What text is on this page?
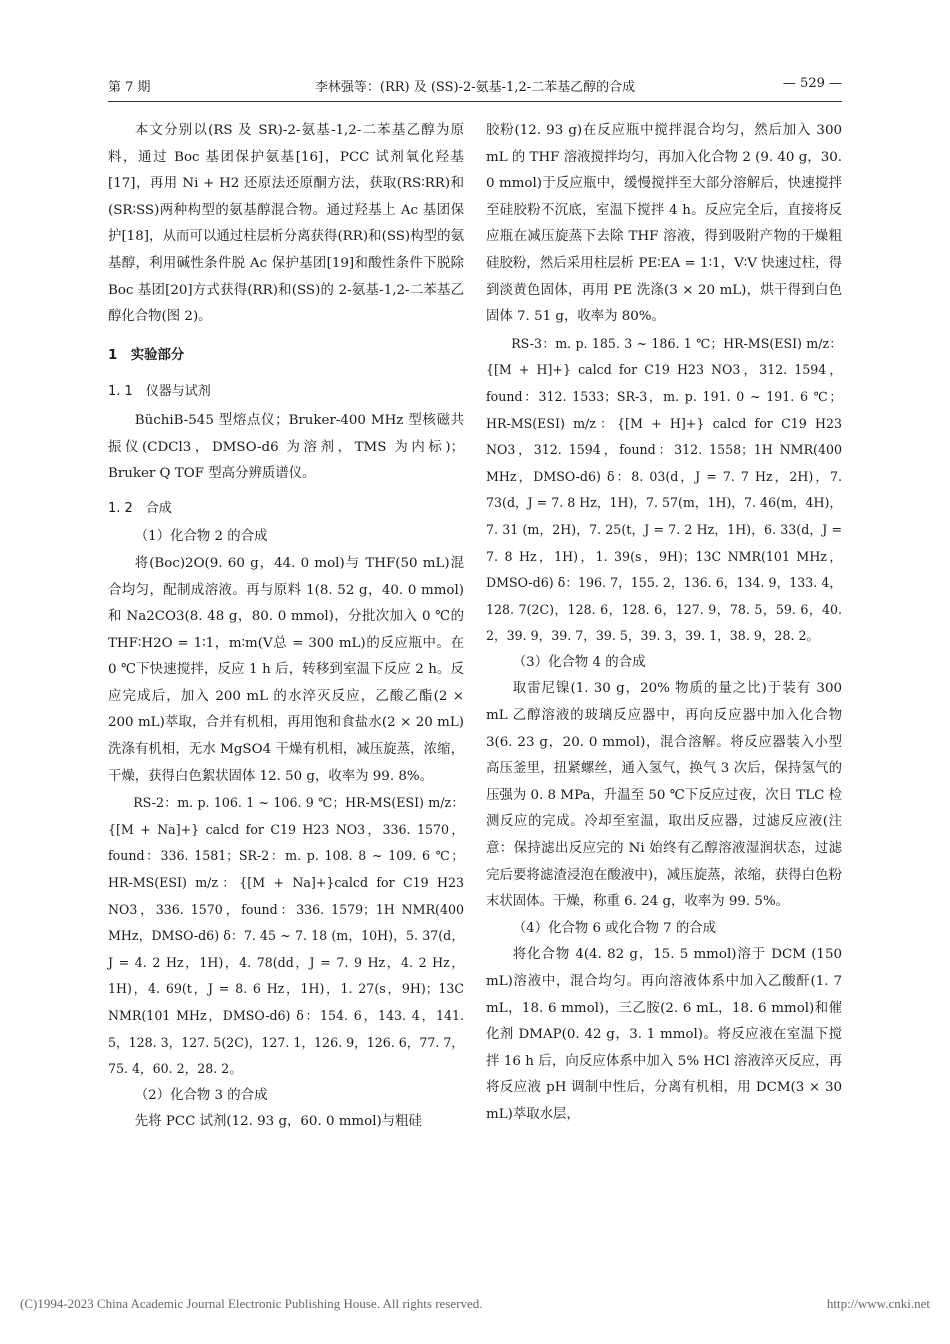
第 7 期	李林强等：(RR) 及 (SS)-2-氨基-1,2-二苯基乙醇的合成	— 529 —

本文分别以(RS 及 SR)-2-氨基-1,2-二苯基乙醇为原料，通过 Boc 基团保护氨基[16]，PCC 试剂氧化羟基[17]，再用 Ni + H2 还原法还原酮方法，获取(RS∶RR)和(SR∶SS)两种构型的氨基醇混合物。通过羟基上 Ac 基团保护[18]，从而可以通过柱层析分离获得(RR)和(SS)构型的氨基醇，利用碱性条件脱 Ac 保护基团[19]和酸性条件下脱除 Boc 基团[20]方式获得(RR)和(SS)的 2-氨基-1,2-二苯基乙醇化合物(图 2)。

1　实验部分

1. 1　仪器与试剂

BüchiB-545 型熔点仪；Bruker-400 MHz 型核磁共振仪(CDCl3，DMSO-d6 为溶剂，TMS 为内标)；Bruker Q TOF 型高分辨质谱仪。

1. 2　合成

（1）化合物 2 的合成

将(Boc)2O(9. 60 g，44. 0 mol)与 THF(50 mL)混合均匀，配制成溶液。再与原料 1(8. 52 g，40. 0 mmol)和 Na2CO3(8. 48 g，80. 0 mmol)，分批次加入 0 ℃的 THF∶H2O = 1∶1，m∶m(V总 = 300 mL)的反应瓶中。在 0 ℃下快速搅拌，反应 1 h 后，转移到室温下反应 2 h。反应完成后，加入 200 mL 的水淬灭反应，乙酸乙酯(2 × 200 mL)萃取，合并有机相，再用饱和食盐水(2 × 20 mL)洗涤有机相，无水 MgSO4 干燥有机相，减压旋蒸，浓缩，干燥，获得白色絮状固体 12. 50 g，收率为 99. 8%。

RS-2：m. p. 106. 1 ~ 106. 9 ℃；HR-MS(ESI) m/z：{[M + Na]+} calcd for C19 H23 NO3，336. 1570，found：336. 1581；SR-2：m. p. 108. 8 ~ 109. 6 ℃；HR-MS(ESI) m/z：{[M + Na]+}calcd for C19 H23 NO3，336. 1570，found：336. 1579；1H NMR(400 MHz，DMSO-d6) δ：7. 45 ~ 7. 18 (m，10H)，5. 37(d，J = 4. 2 Hz，1H)，4. 78(dd，J = 7. 9 Hz，4. 2 Hz，1H)，4. 69(t，J = 8. 6 Hz，1H)，1. 27(s，9H)；13C NMR(101 MHz，DMSO-d6) δ：154. 6，143. 4，141. 5，128. 3，127. 5(2C)，127. 1，126. 9，126. 6，77. 7，75. 4，60. 2，28. 2。

（2）化合物 3 的合成

先将 PCC 试剂(12. 93 g，60. 0 mmol)与粗硅

胶粉(12. 93 g)在反应瓶中搅拌混合均匀，然后加入 300 mL 的 THF 溶液搅拌均匀，再加入化合物 2 (9. 40 g，30. 0 mmol)于反应瓶中，缓慢搅拌至大部分溶解后，快速搅拌至硅胶粉不沉底，室温下搅拌 4 h。反应完全后，直接将反应瓶在减压旋蒸下去除 THF 溶液，得到吸附产物的干燥粗硅胶粉，然后采用柱层析 PE∶EA = 1∶1，V∶V 快速过柱，得到淡黄色固体，再用 PE 洗涤(3 × 20 mL)，烘干得到白色固体 7. 51 g，收率为 80%。

RS-3：m. p. 185. 3 ~ 186. 1 ℃；HR-MS(ESI) m/z：{[M + H]+} calcd for C19 H23 NO3，312. 1594，found：312. 1533；SR-3，m. p. 191. 0 ~ 191. 6 ℃；HR-MS(ESI) m/z：{[M + H]+} calcd for C19 H23 NO3，312. 1594，found：312. 1558；1H NMR(400 MHz，DMSO-d6) δ：8. 03(d，J = 7. 7 Hz，2H)，7. 73(d，J = 7. 8 Hz，1H)，7. 57(m，1H)，7. 46(m，4H)，7. 31 (m，2H)，7. 25(t，J = 7. 2 Hz，1H)，6. 33(d，J = 7. 8 Hz，1H)，1. 39(s，9H)；13C NMR(101 MHz，DMSO-d6) δ：196. 7，155. 2，136. 6，134. 9，133. 4，128. 7(2C)，128. 6，128. 6，127. 9，78. 5，59. 6，40. 2，39. 9，39. 7，39. 5，39. 3，39. 1，38. 9，28. 2。

（3）化合物 4 的合成

取雷尼镍(1. 30 g，20% 物质的量之比)于装有 300 mL 乙醇溶液的玻璃反应器中，再向反应器中加入化合物 3(6. 23 g，20. 0 mmol)，混合溶解。将反应器装入小型高压釜里，扭紧螺丝，通入氢气，换气 3 次后，保持氢气的压强为 0. 8 MPa，升温至 50 ℃下反应过夜，次日 TLC 检测反应的完成。冷却至室温，取出反应器，过滤反应液(注意：保持滤出反应完的 Ni 始终有乙醇溶液湿润状态，过滤完后要将滤渣浸泡在酸液中)，减压旋蒸，浓缩，获得白色粉末状固体。干燥，称重 6. 24 g，收率为 99. 5%。

（4）化合物 6 或化合物 7 的合成

将化合物 4(4. 82 g，15. 5 mmol)溶于 DCM (150 mL)溶液中，混合均匀。再向溶液体系中加入乙酸酐(1. 7 mL，18. 6 mmol)，三乙胺(2. 6 mL，18. 6 mmol)和催化剂 DMAP(0. 42 g，3. 1 mmol)。将反应液在室温下搅拌 16 h 后，向反应体系中加入 5% HCl 溶液淬灭反应，再将反应液 pH 调制中性后，分离有机相，用 DCM(3 × 30 mL)萃取水层，

(C)1994-2023 China Academic Journal Electronic Publishing House. All rights reserved.	http://www.cnki.net
